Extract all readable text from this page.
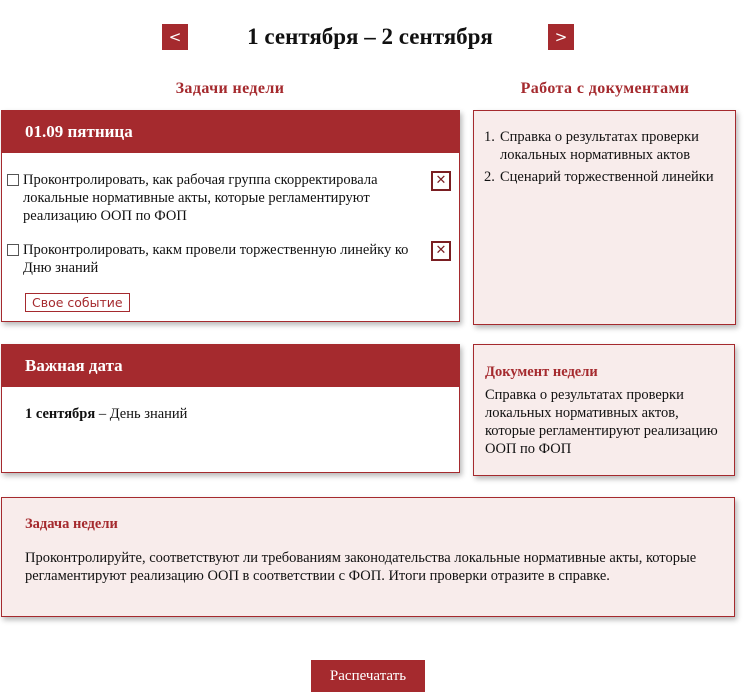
<	1 сентября – 2 сентября	>
Задачи недели	Работа с документами
01.09 пятница
Проконтролировать, как рабочая группа скорректировала локальные нормативные акты, которые регламентируют реализацию ООП по ФОП
✕
Проконтролировать, какм провели торжественную линейку ко Дню знаний
✕
Свое событие
1. Справка о результатах проверки локальных нормативных актов
2. Сценарий торжественной линейки
Важная дата
1 сентября – День знаний
Документ недели
Справка о результатах проверки локальных нормативных актов, которые регламентируют реализацию ООП по ФОП
Задача недели
Проконтролируйте, соответствуют ли требованиям законодательства локальные нормативные акты, которые регламентируют реализацию ООП в соответствии с ФОП. Итоги проверки отразите в справке.
Распечатать
